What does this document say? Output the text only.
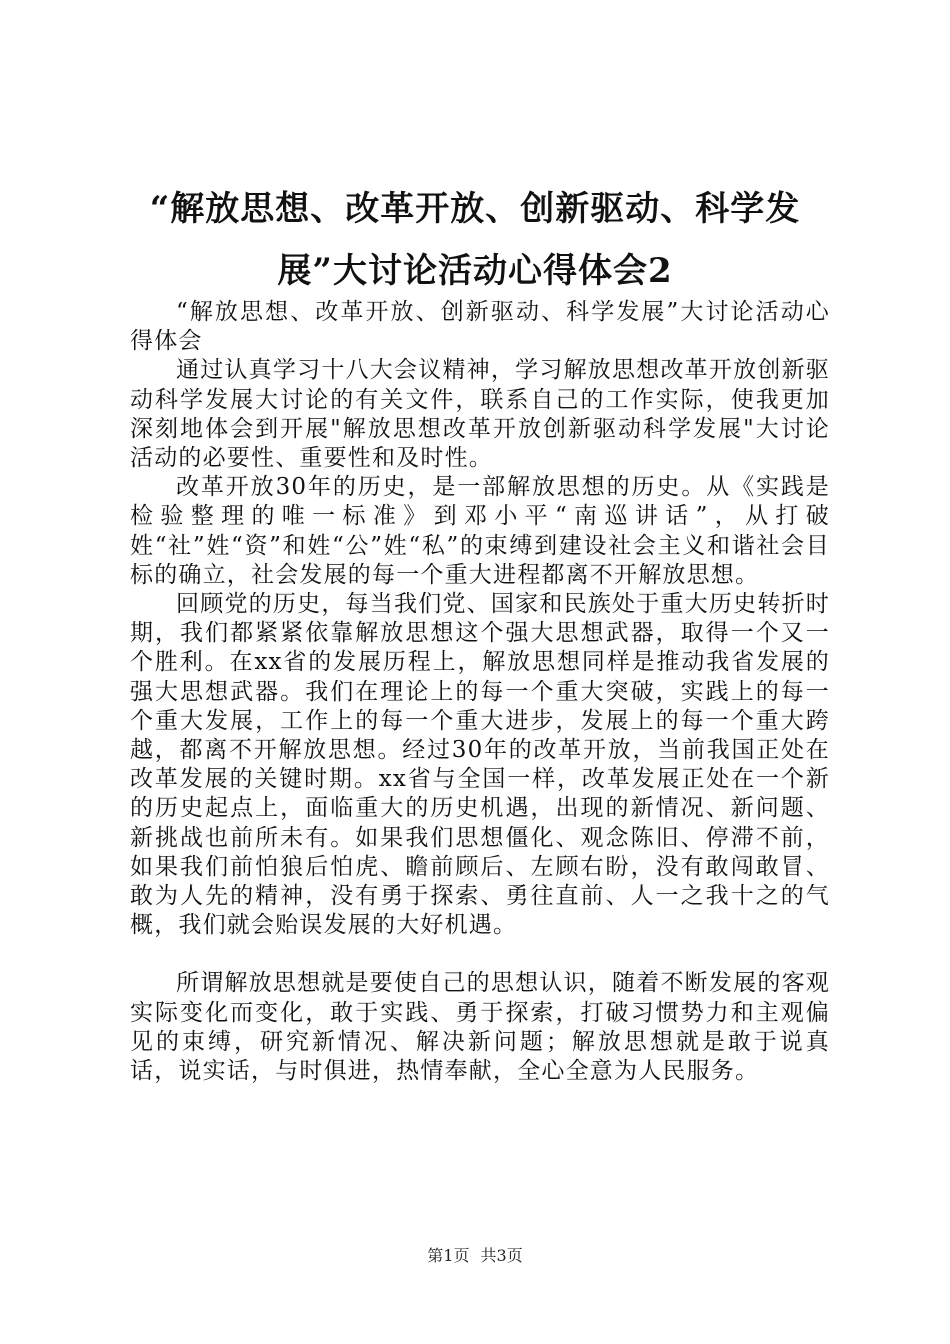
“解放思想、改革开放、创新驱动、科学发展”大讨论活动心得体会2

“解放思想、改革开放、创新驱动、科学发展”大讨论活动心得体会

通过认真学习十八大会议精神，学习解放思想改革开放创新驱动科学发展大讨论的有关文件，联系自己的工作实际，使我更加深刻地体会到开展"解放思想改革开放创新驱动科学发展"大讨论活动的必要性、重要性和及时性。

改革开放30年的历史，是一部解放思想的历史。从《实践是检验整理的唯一标准》到邓小平“南巡讲话”，从打破姓“社”姓“资”和姓“公”姓“私”的束缚到建设社会主义和谐社会目标的确立，社会发展的每一个重大进程都离不开解放思想。

回顾党的历史，每当我们党、国家和民族处于重大历史转折时期，我们都紧紧依靠解放思想这个强大思想武器，取得一个又一个胜利。在xx省的发展历程上，解放思想同样是推动我省发展的强大思想武器。我们在理论上的每一个重大突破，实践上的每一个重大发展，工作上的每一个重大进步，发展上的每一个重大跨越，都离不开解放思想。经过30年的改革开放，当前我国正处在改革发展的关键时期。xx省与全国一样，改革发展正处在一个新的历史起点上，面临重大的历史机遇，出现的新情况、新问题、新挑战也前所未有。如果我们思想僵化、观念陈旧、停滞不前，如果我们前怕狼后怕虎、瞻前顾后、左顾右盼，没有敢闯敢冒、敢为人先的精神，没有勇于探索、勇往直前、人一之我十之的气概，我们就会贻误发展的大好机遇。

所谓解放思想就是要使自己的思想认识，随着不断发展的客观实际变化而变化，敢于实践、勇于探索，打破习惯势力和主观偏见的束缚，研究新情况、解决新问题；解放思想就是敢于说真话，说实话，与时俱进，热情奉献，全心全意为人民服务。

第1页 共3页
